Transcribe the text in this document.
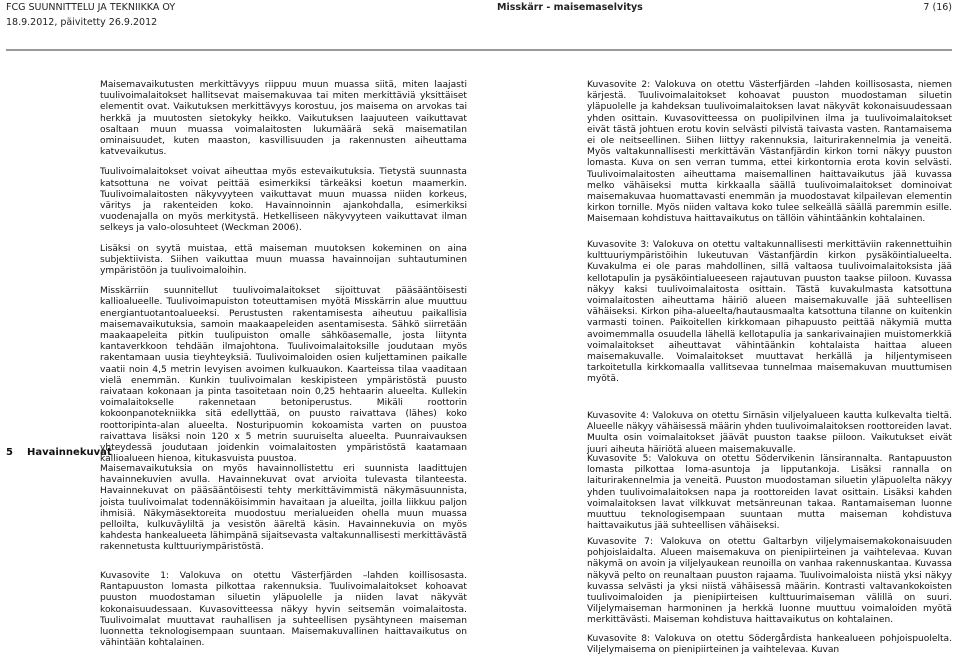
FCG SUUNNITTELU JA TEKNIIKKA OY	Misskärr - maisemaselvitys	7 (16)
18.9.2012, päivitetty 26.9.2012
5 Havainnekuvat

Maisemavaikutusten merkittävyys riippuu muun muassa siitä, miten laajasti tuulivoimalaitokset hallitsevat maisemakuvaa tai miten merkittäviä yksittäiset elementit ovat. Vaikutuksen merkittävyys korostuu, jos maisema on arvokas tai herkkä ja muutosten sietokyky heikko. Vaikutuksen laajuuteen vaikuttavat osaltaan muun muassa voimalaitosten lukumäärä sekä maisematilan ominaisuudet, kuten maaston, kasvillisuuden ja rakennusten aiheuttama katvevaikutus.

Tuulivoimalaitokset voivat aiheuttaa myös estevaikutuksia. Tietystä suunnasta katsottuna ne voivat peittää esimerkiksi tärkeäksi koetun maamerkin. Tuulivoimalaitosten näkyvyyteen vaikuttavat muun muassa niiden korkeus, väritys ja rakenteiden koko. Havainnoinnin ajankohdalla, esimerkiksi vuodenajalla on myös merkitystä. Hetkelliseen näkyvyyteen vaikuttavat ilman selkeys ja valo-olosuhteet (Weckman 2006).

Lisäksi on syytä muistaa, että maiseman muutoksen kokeminen on aina subjektiivista. Siihen vaikuttaa muun muassa havainnoijan suhtautuminen ympäristöön ja tuulivoimaloihin.

Misskärriin suunnitellut tuulivoimalaitokset sijoittuvat pääsääntöisesti kallioalueelle. Tuulivoimapuiston toteuttamisen myötä Misskärrin alue muuttuu energiantuotantoalueeksi. Perustusten rakentamisesta aiheutuu paikallisia maisemavaikutuksia, samoin maakaapeleiden asentamisesta. Sähkö siirretään maakaapeleita pitkin tuulipuiston omalle sähköasemalle, josta liitynta kantaverkkoon tehdään ilmajohtona. Tuulivoimalaitoksille joudutaan myös rakentamaan uusia tieyhteyksiä. Tuulivoimaloiden osien kuljettaminen paikalle vaatii noin 4,5 metrin levyisen avoimen kulkuaukon. Kaarteissa tilaa vaaditaan vielä enemmän. Kunkin tuulivoimalan keskipisteen ympäristöstä puusto raivataan kokonaan ja pinta tasoitetaan noin 0,25 hehtaarin alueelta. Kullekin voimalaitokselle rakennetaan betoniperustus. Mikäli roottorin kokoonpanotekniikka sitä edellyttää, on puusto raivattava (lähes) koko roottoripinta-alan alueelta. Nosturipuomin kokoamista varten on puustoa raivattava lisäksi noin 120 x 5 metrin suuruiselta alueelta. Puunraivauksen yhteydessä joudutaan joidenkin voimalaitosten ympäristöstä kaatamaan kallioalueen hienoa, kitukasvuista puustoa.

Maisemavaikutuksia on myös havainnollistettu eri suunnista laadittujen havainnekuvien avulla. Havainnekuvat ovat arvioita tulevasta tilanteesta. Havainnekuvat on pääsääntöisesti tehty merkittävimmistä näkymäsuunnista, joista tuulivoimalat todennäköisimmin havaitaan ja alueilta, joilla liikkuu paljon ihmisiä. Näkymäsektoreita muodostuu merialueiden ohella muun muassa pelloilta, kulkuväyliltä ja vesistön ääreltä käsin. Havainnekuvia on myös kahdesta hankealueeta lähimpänä sijaitsevasta valtakunnallisesti merkittävästä rakennetusta kulttuuriympäristöstä.

Kuvasovite 1: Valokuva on otettu Västerfjärden –lahden koillisosasta. Rantapuuston lomasta pilkottaa rakennuksia. Tuulivoimalaitokset kohoavat puuston muodostaman siluetin yläpuolelle ja niiden lavat näkyvät kokonaisuudessaan. Kuvasovitteessa näkyy hyvin seitsemän voimalaitosta. Tuulivoimalat muuttavat rauhallisen ja suhteellisen pysähtyneen maiseman luonnetta teknologisempaan suuntaan. Maisemakuvallinen haittavaikutus on vähintään kohtalainen.

Kuvasovite 2: Valokuva on otettu Västerfjärden –lahden koillisosasta, niemen kärjestä. Tuulivoimalaitokset kohoavat puuston muodostaman siluetin yläpuolelle ja kahdeksan tuulivoimalaitoksen lavat näkyvät kokonaisuudessaan yhden osittain. Kuvasovitteessa on puolipilvinen ilma ja tuulivoimalaitokset eivät tästä johtuen erotu kovin selvästi pilvistä taivasta vasten. Rantamaisema ei ole neitseellinen. Siihen liittyy rakennuksia, laiturirakennelmia ja veneitä. Myös valtakunnallisesti merkittävän Västanfjärdin kirkon torni näkyy puuston lomasta. Kuva on sen verran tumma, ettei kirkontornia erota kovin selvästi. Tuulivoimalaitosten aiheuttama maisemallinen haittavaikutus jää kuvassa melko vähäiseksi mutta kirkkaalla säällä tuulivoimalaitokset dominoivat maisemakuvaa huomattavasti enemmän ja muodostavat kilpailevan elementin kirkon tornille. Myös niiden valtava koko tulee selkeällä säällä paremmin esille. Maisemaan kohdistuva haittavaikutus on tällöin vähintäänkin kohtalainen.

Kuvasovite 3: Valokuva on otettu valtakunnallisesti merkittäviin rakennettuihin kulttuuriympäristöihin lukeutuvan Västanfjärdin kirkon pysäköintialueelta. Kuvakulma ei ole paras mahdollinen, sillä valtaosa tuulivoimalaitoksista jää kellotapulin ja pysäköintialueeseen rajautuvan puuston taakse piiloon. Kuvassa näkyy kaksi tuulivoimalaitosta osittain. Tästä kuvakulmasta katsottuna voimalaitosten aiheuttama häiriö alueen maisemakuvalle jää suhteellisen vähäiseksi. Kirkon piha-alueelta/hautausmaalta katsottuna tilanne on kuitenkin varmasti toinen. Paikoitellen kirkkomaan pihapuusto peittää näkymiä mutta avoimemmalla osuudella lähellä kellotapulia ja sankarivainajien muistomerkkiä voimalaitokset aiheuttavat vähintäänkin kohtalaista haittaa alueen maisemakuvalle. Voimalaitokset muuttavat herkällä ja hiljentymiseen tarkoitetulla kirkkomaalla vallitsevaa tunnelmaa maisemakuvan muuttumisen myötä.

Kuvasovite 4: Valokuva on otettu Sirnäsin viljelyalueen kautta kulkevalta tieltä. Alueelle näkyy vähäisessä määrin yhden tuulivoimalaitoksen roottoreiden lavat. Muulta osin voimalaitokset jäävät puuston taakse piiloon. Vaikutukset eivät juuri aiheuta häiriötä alueen maisemakuvalle.

Kuvasovite 5: Valokuva on otettu Södervikenin länsirannalta. Rantapuuston lomasta pilkottaa loma-asuntoja ja lipputankoja. Lisäksi rannalla on laiturirakennelmia ja veneitä. Puuston muodostaman siluetin yläpuolelta näkyy yhden tuulivoimalaitoksen napa ja roottoreiden lavat osittain. Lisäksi kahden voimalaitoksen lavat vilkkuvat metsänreunan takaa. Rantamaiseman luonne muuttuu teknologisempaan suuntaan mutta maiseman kohdistuva haittavaikutus jää suhteellisen vähäiseksi.

Kuvasovite 7: Valokuva on otettu Galtarbyn viljelymaisemakokonaisuuden pohjoislaidalta. Alueen maisemakuva on pienipiirteinen ja vaihtelevaa. Kuvan näkymä on avoin ja viljelyaukean reunoilla on vanhaa rakennuskantaa. Kuvassa näkyvä pelto on reunaltaan puuston rajaama. Tuulivoimaloista niistä yksi näkyy kuvassa selvästi ja yksi niistä vähäisessä määrin. Kontrasti valtavankokoisten tuulivoimaloiden ja pienipiirteisen kulttuurimaiseman välillä on suuri. Viljelymaiseman harmoninen ja herkkä luonne muuttuu voimaloiden myötä merkittävästi. Maiseman kohdistuva haittavaikutus on kohtalainen.

Kuvasovite 8: Valokuva on otettu Södergårdista hankealueen pohjoispuolelta. Viljelymaisema on pienipiirteinen ja vaihtelevaa. Kuvan
